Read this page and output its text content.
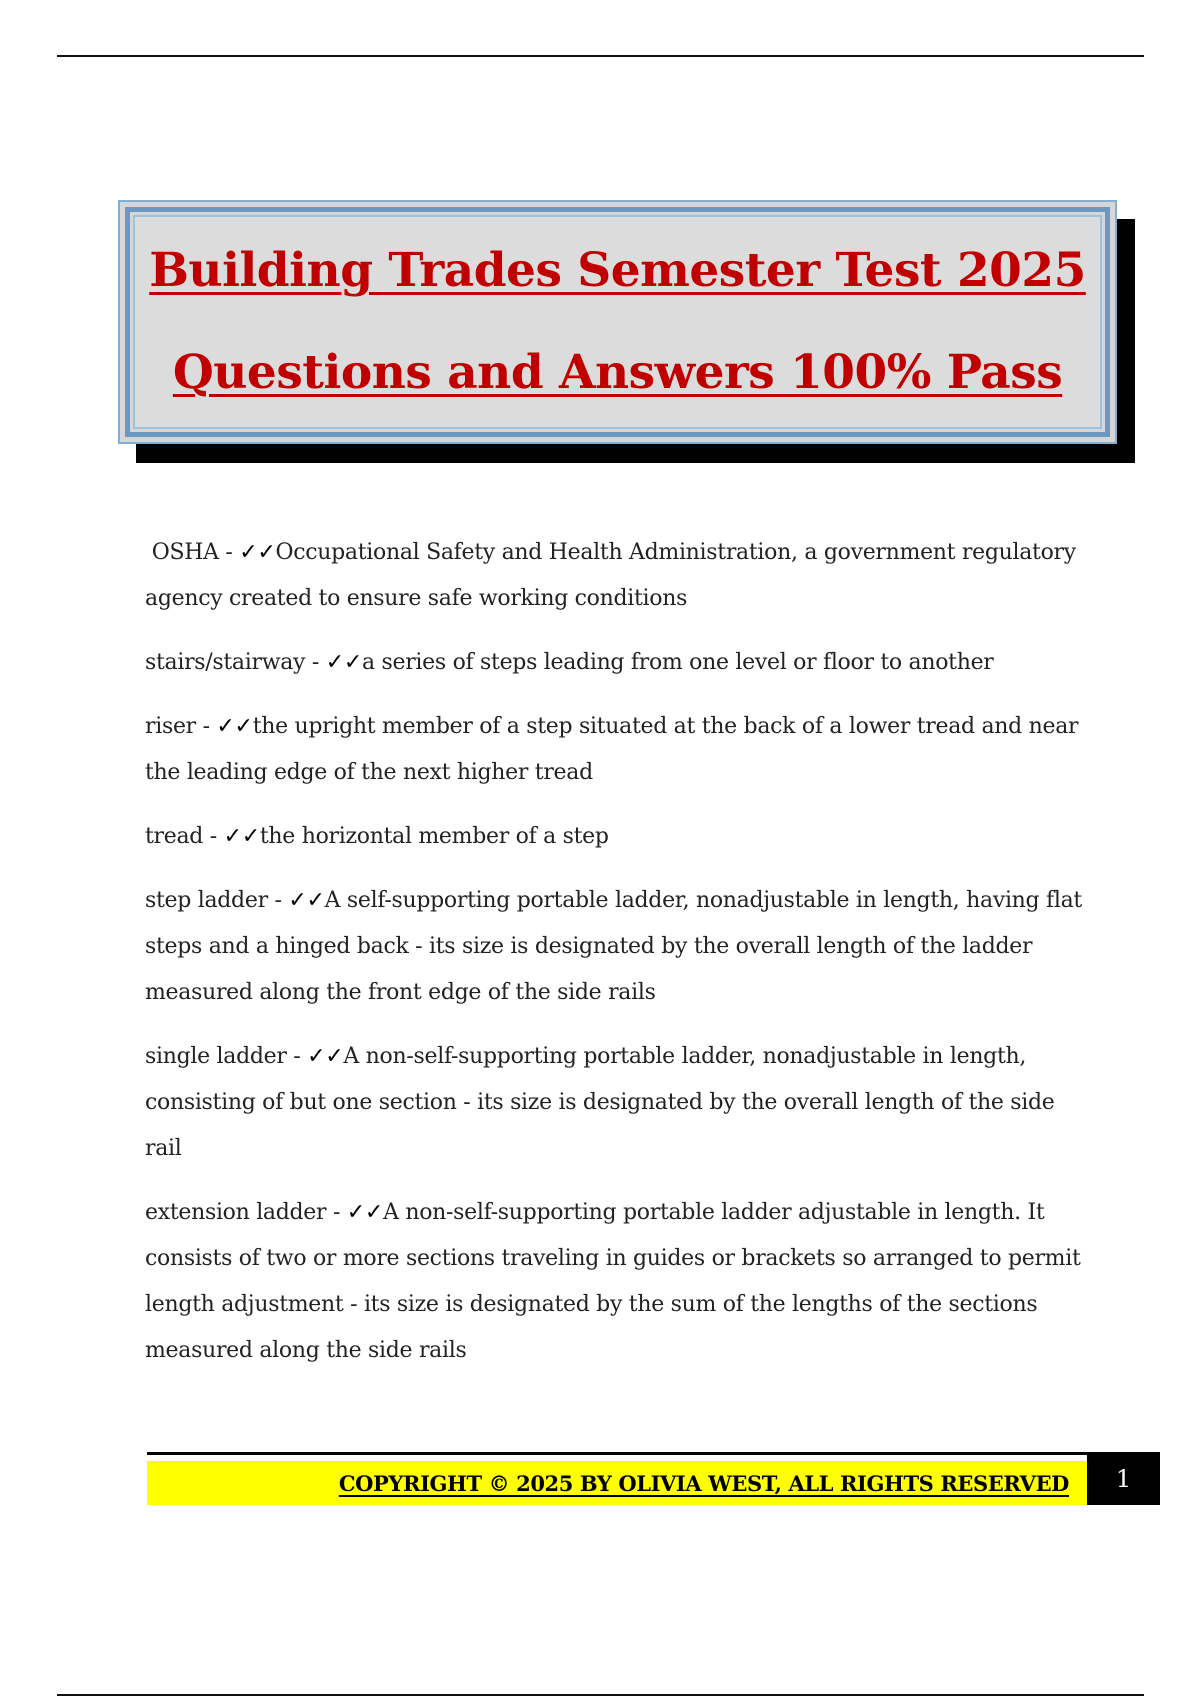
Building Trades Semester Test 2025
Questions and Answers 100% Pass

OSHA - ✓✓Occupational Safety and Health Administration, a government regulatory agency created to ensure safe working conditions

stairs/stairway - ✓✓a series of steps leading from one level or floor to another

riser - ✓✓the upright member of a step situated at the back of a lower tread and near the leading edge of the next higher tread

tread - ✓✓the horizontal member of a step

step ladder - ✓✓A self-supporting portable ladder, nonadjustable in length, having flat steps and a hinged back - its size is designated by the overall length of the ladder measured along the front edge of the side rails

single ladder - ✓✓A non-self-supporting portable ladder, nonadjustable in length, consisting of but one section - its size is designated by the overall length of the side rail

extension ladder - ✓✓A non-self-supporting portable ladder adjustable in length. It consists of two or more sections traveling in guides or brackets so arranged to permit length adjustment - its size is designated by the sum of the lengths of the sections measured along the side rails

COPYRIGHT © 2025 BY OLIVIA WEST, ALL RIGHTS RESERVED 1
